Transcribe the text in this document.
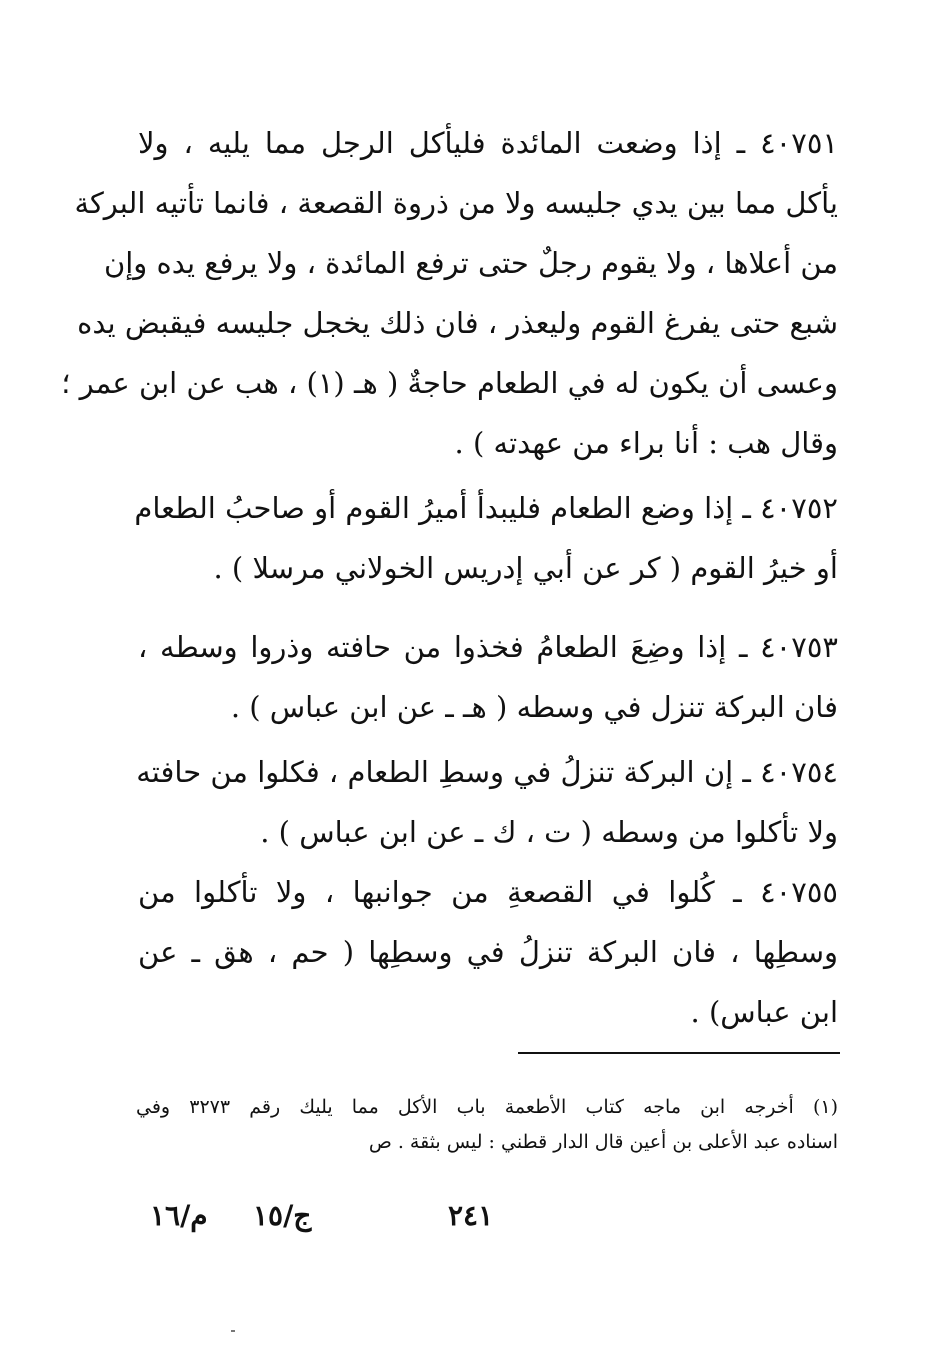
٤٠٧٥١ ـ إذا وضعت المائدة فليأكل الرجل مما يليه ، ولا
يأكل مما بين يدي جليسه ولا من ذروة القصعة ، فانما تأتيه البركة
من أعلاها ، ولا يقوم رجلٌ حتى ترفع المائدة ، ولا يرفع يده وإن
شبع حتى يفرغ القوم وليعذر ، فان ذلك يخجل جليسه فيقبض يده
وعسى أن يكون له في الطعام حاجةٌ ( هـ (١) ، هب عن ابن عمر ؛
وقال هب : أنا براء من عهدته ) .
٤٠٧٥٢ ـ إذا وضع الطعام فليبدأ أميرُ القوم أو صاحبُ الطعام
أو خيرُ القوم ( كر عن أبي إدريس الخولاني مرسلا ) .
٤٠٧٥٣ ـ إذا وضِعَ الطعامُ فخذوا من حافته وذروا وسطه ،
فان البركة تنزل في وسطه ( هـ ـ عن ابن عباس ) .
٤٠٧٥٤ ـ إن البركة تنزلُ في وسطِ الطعام ، فكلوا من حافته
ولا تأكلوا من وسطه ( ت ، ك ـ عن ابن عباس ) .
٤٠٧٥٥ ـ كُلوا في القصعةِ من جوانبها ، ولا تأكلوا من
وسطِها ، فان البركة تنزلُ في وسطِها ( حم ، هق ـ عن
ابن عباس) .
(١) أخرجه ابن ماجه كتاب الأطعمة باب الأكل مما يليك رقم ٣٢٧٣ وفي
اسناده عبد الأعلى بن أعين قال الدار قطني : ليس بثقة . ص
٢٤١
ج/١٥
م/١٦
